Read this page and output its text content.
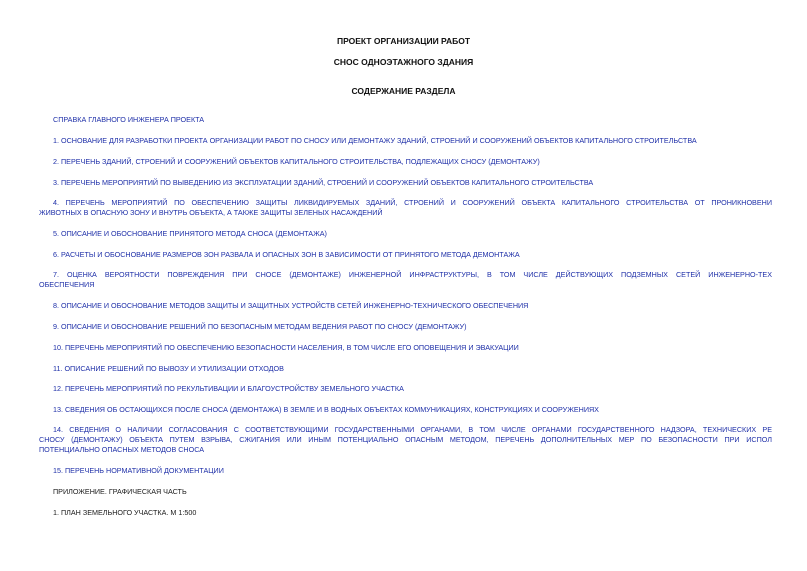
ПРОЕКТ ОРГАНИЗАЦИИ РАБОТ
СНОС ОДНОЭТАЖНОГО ЗДАНИЯ
СОДЕРЖАНИЕ РАЗДЕЛА
СПРАВКА ГЛАВНОГО ИНЖЕНЕРА ПРОЕКТА
1. ОСНОВАНИЕ ДЛЯ РАЗРАБОТКИ ПРОЕКТА ОРГАНИЗАЦИИ РАБОТ ПО СНОСУ ИЛИ ДЕМОНТАЖУ ЗДАНИЙ, СТРОЕНИЙ И СООРУЖЕНИЙ ОБЪЕКТОВ КАПИТАЛЬНОГО СТРОИТЕЛЬСТВА
2. ПЕРЕЧЕНЬ ЗДАНИЙ, СТРОЕНИЙ И СООРУЖЕНИЙ ОБЪЕКТОВ КАПИТАЛЬНОГО СТРОИТЕЛЬСТВА, ПОДЛЕЖАЩИХ СНОСУ (ДЕМОНТАЖУ)
3. ПЕРЕЧЕНЬ МЕРОПРИЯТИЙ ПО ВЫВЕДЕНИЮ ИЗ ЭКСПЛУАТАЦИИ ЗДАНИЙ, СТРОЕНИЙ И СООРУЖЕНИЙ ОБЪЕКТОВ КАПИТАЛЬНОГО СТРОИТЕЛЬСТВА
4. ПЕРЕЧЕНЬ МЕРОПРИЯТИЙ ПО ОБЕСПЕЧЕНИЮ ЗАЩИТЫ ЛИКВИДИРУЕМЫХ ЗДАНИЙ, СТРОЕНИЙ И СООРУЖЕНИЙ ОБЪЕКТА КАПИТАЛЬНОГО СТРОИТЕЛЬСТВА ОТ ПРОНИКНОВЕНИ
ЖИВОТНЫХ В ОПАСНУЮ ЗОНУ И ВНУТРЬ ОБЪЕКТА, А ТАКЖЕ ЗАЩИТЫ ЗЕЛЕНЫХ НАСАЖДЕНИЙ
5. ОПИСАНИЕ И ОБОСНОВАНИЕ ПРИНЯТОГО МЕТОДА СНОСА (ДЕМОНТАЖА)
6. РАСЧЕТЫ И ОБОСНОВАНИЕ РАЗМЕРОВ ЗОН РАЗВАЛА И ОПАСНЫХ ЗОН В ЗАВИСИМОСТИ ОТ ПРИНЯТОГО МЕТОДА ДЕМОНТАЖА
7. ОЦЕНКА ВЕРОЯТНОСТИ ПОВРЕЖДЕНИЯ ПРИ СНОСЕ (ДЕМОНТАЖЕ) ИНЖЕНЕРНОЙ ИНФРАСТРУКТУРЫ, В ТОМ ЧИСЛЕ ДЕЙСТВУЮЩИХ ПОДЗЕМНЫХ СЕТЕЙ ИНЖЕНЕРНО-ТЕХ
ОБЕСПЕЧЕНИЯ
8. ОПИСАНИЕ И ОБОСНОВАНИЕ МЕТОДОВ ЗАЩИТЫ И ЗАЩИТНЫХ УСТРОЙСТВ СЕТЕЙ ИНЖЕНЕРНО-ТЕХНИЧЕСКОГО ОБЕСПЕЧЕНИЯ
9. ОПИСАНИЕ И ОБОСНОВАНИЕ РЕШЕНИЙ ПО БЕЗОПАСНЫМ МЕТОДАМ ВЕДЕНИЯ РАБОТ ПО СНОСУ (ДЕМОНТАЖУ)
10. ПЕРЕЧЕНЬ МЕРОПРИЯТИЙ ПО ОБЕСПЕЧЕНИЮ БЕЗОПАСНОСТИ НАСЕЛЕНИЯ, В ТОМ ЧИСЛЕ ЕГО ОПОВЕЩЕНИЯ И ЭВАКУАЦИИ
11. ОПИСАНИЕ РЕШЕНИЙ ПО ВЫВОЗУ И УТИЛИЗАЦИИ ОТХОДОВ
12. ПЕРЕЧЕНЬ МЕРОПРИЯТИЙ ПО РЕКУЛЬТИВАЦИИ И БЛАГОУСТРОЙСТВУ ЗЕМЕЛЬНОГО УЧАСТКА
13. СВЕДЕНИЯ ОБ ОСТАЮЩИХСЯ ПОСЛЕ СНОСА (ДЕМОНТАЖА) В ЗЕМЛЕ И В ВОДНЫХ ОБЪЕКТАХ КОММУНИКАЦИЯХ, КОНСТРУКЦИЯХ И СООРУЖЕНИЯХ
14. СВЕДЕНИЯ О НАЛИЧИИ СОГЛАСОВАНИЯ С СООТВЕТСТВУЮЩИМИ ГОСУДАРСТВЕННЫМИ ОРГАНАМИ, В ТОМ ЧИСЛЕ ОРГАНАМИ ГОСУДАРСТВЕННОГО НАДЗОРА, ТЕХНИЧЕСКИХ РЕ
СНОСУ (ДЕМОНТАЖУ) ОБЪЕКТА ПУТЕМ ВЗРЫВА, СЖИГАНИЯ ИЛИ ИНЫМ ПОТЕНЦИАЛЬНО ОПАСНЫМ МЕТОДОМ, ПЕРЕЧЕНЬ ДОПОЛНИТЕЛЬНЫХ МЕР ПО БЕЗОПАСНОСТИ ПРИ ИСПОЛ
ПОТЕНЦИАЛЬНО ОПАСНЫХ МЕТОДОВ СНОСА
15. ПЕРЕЧЕНЬ НОРМАТИВНОЙ ДОКУМЕНТАЦИИ
ПРИЛОЖЕНИЕ. ГРАФИЧЕСКАЯ ЧАСТЬ
1. ПЛАН ЗЕМЕЛЬНОГО УЧАСТКА. М 1:500
